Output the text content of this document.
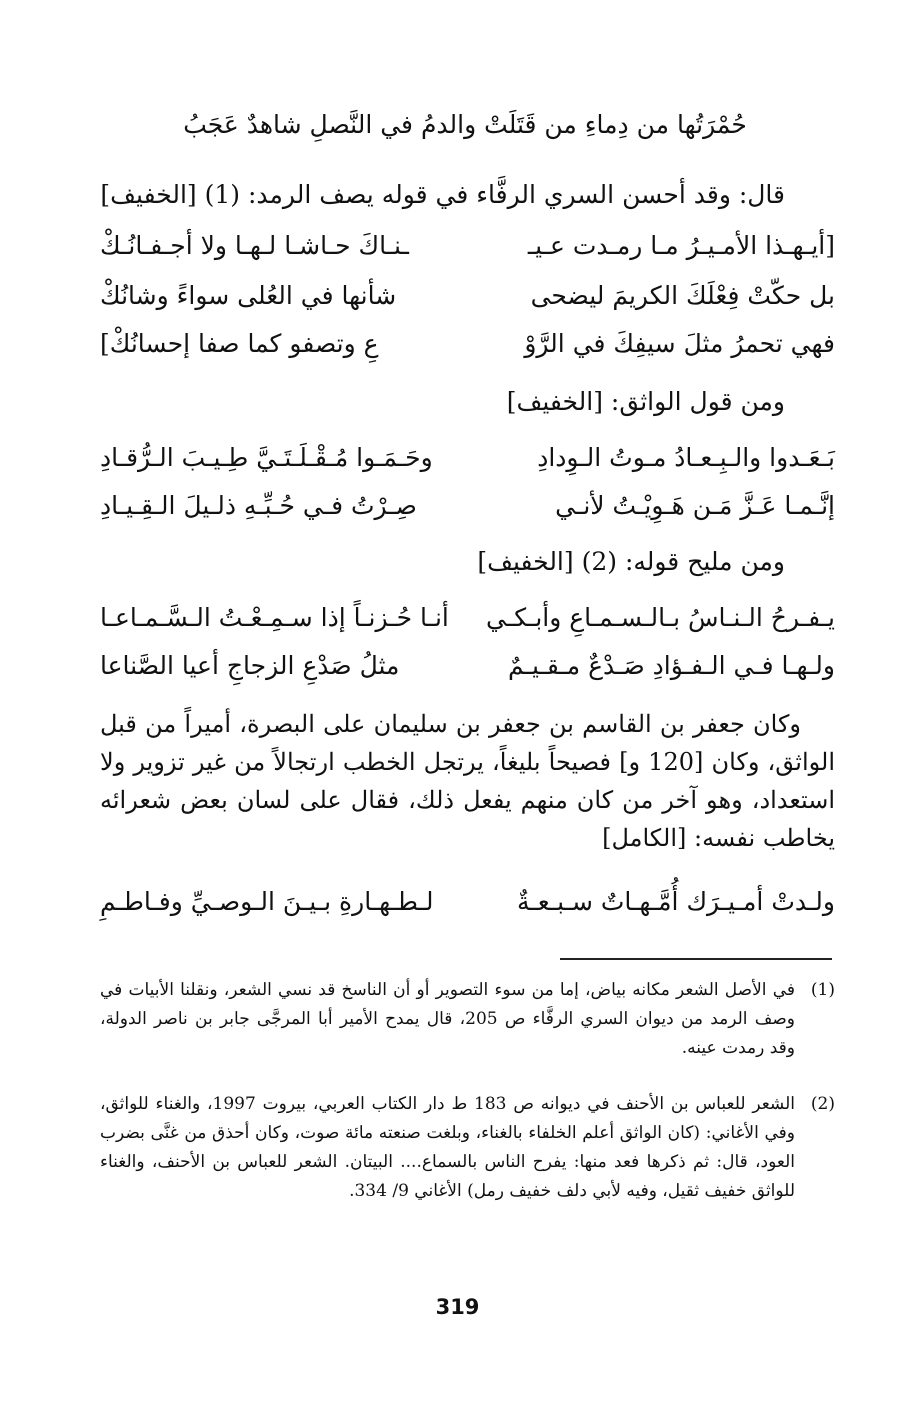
حُمْرَتُها من دِماءِ من قَتَلَتْ والدمُ في النَّصلِ شاهدٌ عَجَبُ
قال: وقد أحسن السري الرفَّاء في قوله يصف الرمد: (1) [الخفيف]
[أيـهـذا الأمـيـرُ مـا رمـدت عـيـ
ـنـاكَ حـاشـا لـهـا ولا أجـفـانُـكْ
بل حكّتْ فِعْلَكَ الكريمَ ليضحى
شأنها في العُلى سواءً وشانُكْ
فهي تحمرُ مثلَ سيفِكَ في الرَّوْ
عِ وتصفو كما صفا إحسانُكْ]
ومن قول الواثق: [الخفيف]
بَـعَـدوا والـبِـعـادُ مـوتُ الـوِدادِ
وحَـمَـوا مُـقْـلَـتَـيَّ طِـيـبَ الـرُّقـادِ
إنَّـمـا عَـزَّ مَـن هَـوِيْـتُ لأنـي
صِـرْتُ فـي حُـبِّـهِ ذلـيلَ الـقِـيـادِ
ومن مليح قوله: (2) [الخفيف]
يـفـرحُ الـنـاسُ بـالـسـمـاعِ وأبـكـي
أنـا حُـزنـاً إذا سـمِـعْـتُ الـسَّـمـاعـا
ولـهـا فـي الـفـؤادِ صَـدْعٌ مـقـيـمٌ
مثلُ صَدْعِ الزجاجِ أعيا الصَّناعا
وكان جعفر بن القاسم بن جعفر بن سليمان على البصرة، أميراً من قبل الواثق، وكان [120 و] فصيحاً بليغاً، يرتجل الخطب ارتجالاً من غير تزوير ولا استعداد، وهو آخر من كان منهم يفعل ذلك، فقال على لسان بعض شعرائه يخاطب نفسه: [الكامل]
ولـدتْ أمـيـرَك أُمَّـهـاتٌ سـبـعـةٌ
لـطـهـارةِ بـيـنَ الـوصـيِّ وفـاطـمِ
(1)
في الأصل الشعر مكانه بياض، إما من سوء التصوير أو أن الناسخ قد نسي الشعر، ونقلنا الأبيات في وصف الرمد من ديوان السري الرفَّاء ص 205، قال يمدح الأمير أبا المرجَّى جابر بن ناصر الدولة، وقد رمدت عينه.
(2)
الشعر للعباس بن الأحنف في ديوانه ص 183 ط دار الكتاب العربي، بيروت 1997، والغناء للواثق، وفي الأغاني: (كان الواثق أعلم الخلفاء بالغناء، وبلغت صنعته مائة صوت، وكان أحذق من غنَّى بضرب العود، قال: ثم ذكرها فعد منها: يفرح الناس بالسماع.... البيتان. الشعر للعباس بن الأحنف، والغناء للواثق خفيف ثقيل، وفيه لأبي دلف خفيف رمل) الأغاني 9/ 334.
319
